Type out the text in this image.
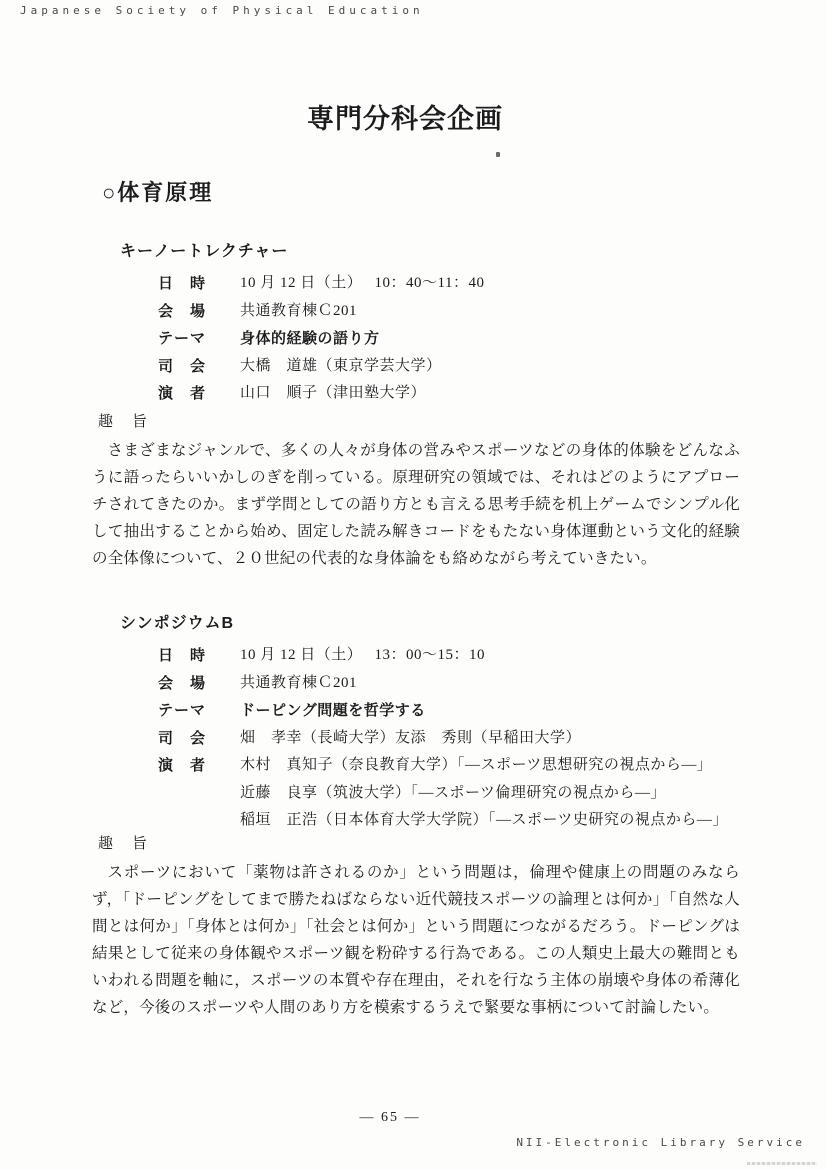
Japanese Society of Physical Education
専門分科会企画
○体育原理
キーノートレクチャー
日　時	10 月 12 日（土）　 10：40～11：40
会　場	共通教育棟Ｃ201
テーマ	身体的経験の語り方
司　会	大橋　道雄（東京学芸大学）
演　者	山口　順子（津田塾大学）
趣　旨

さまざまなジャンルで、多くの人々が身体の営みやスポーツなどの身体的体験をどんなふうに語ったらいいかしのぎを削っている。原理研究の領域では、それはどのようにアプローチされてきたのか。まず学問としての語り方とも言える思考手続を机上ゲームでシンプル化して抽出することから始め、固定した読み解きコードをもたない身体運動という文化的経験の全体像について、２０世紀の代表的な身体論をも絡めながら考えていきたい。

シンポジウムB
日　時	10 月 12 日（土）　 13：00～15：10
会　場	共通教育棟Ｃ201
テーマ	ドーピング問題を哲学する
司　会	畑　孝幸（長崎大学）友添　秀則（早稲田大学）
演　者	木村　真知子（奈良教育大学）「―スポーツ思想研究の視点から―」
近藤　良享（筑波大学）「―スポーツ倫理研究の視点から―」
稲垣　正浩（日本体育大学大学院）「―スポーツ史研究の視点から―」
趣　旨

スポーツにおいて「薬物は許されるのか」という問題は，倫理や健康上の問題のみならず，「ドーピングをしてまで勝たねばならない近代競技スポーツの論理とは何か」「自然な人間とは何か」「身体とは何か」「社会とは何か」という問題につながるだろう。ドーピングは結果として従来の身体観やスポーツ観を粉砕する行為である。この人類史上最大の難問ともいわれる問題を軸に，スポーツの本質や存在理由，それを行なう主体の崩壊や身体の希薄化など，今後のスポーツや人間のあり方を模索するうえで緊要な事柄について討論したい。

— 65 —
NII-Electronic Library Service
